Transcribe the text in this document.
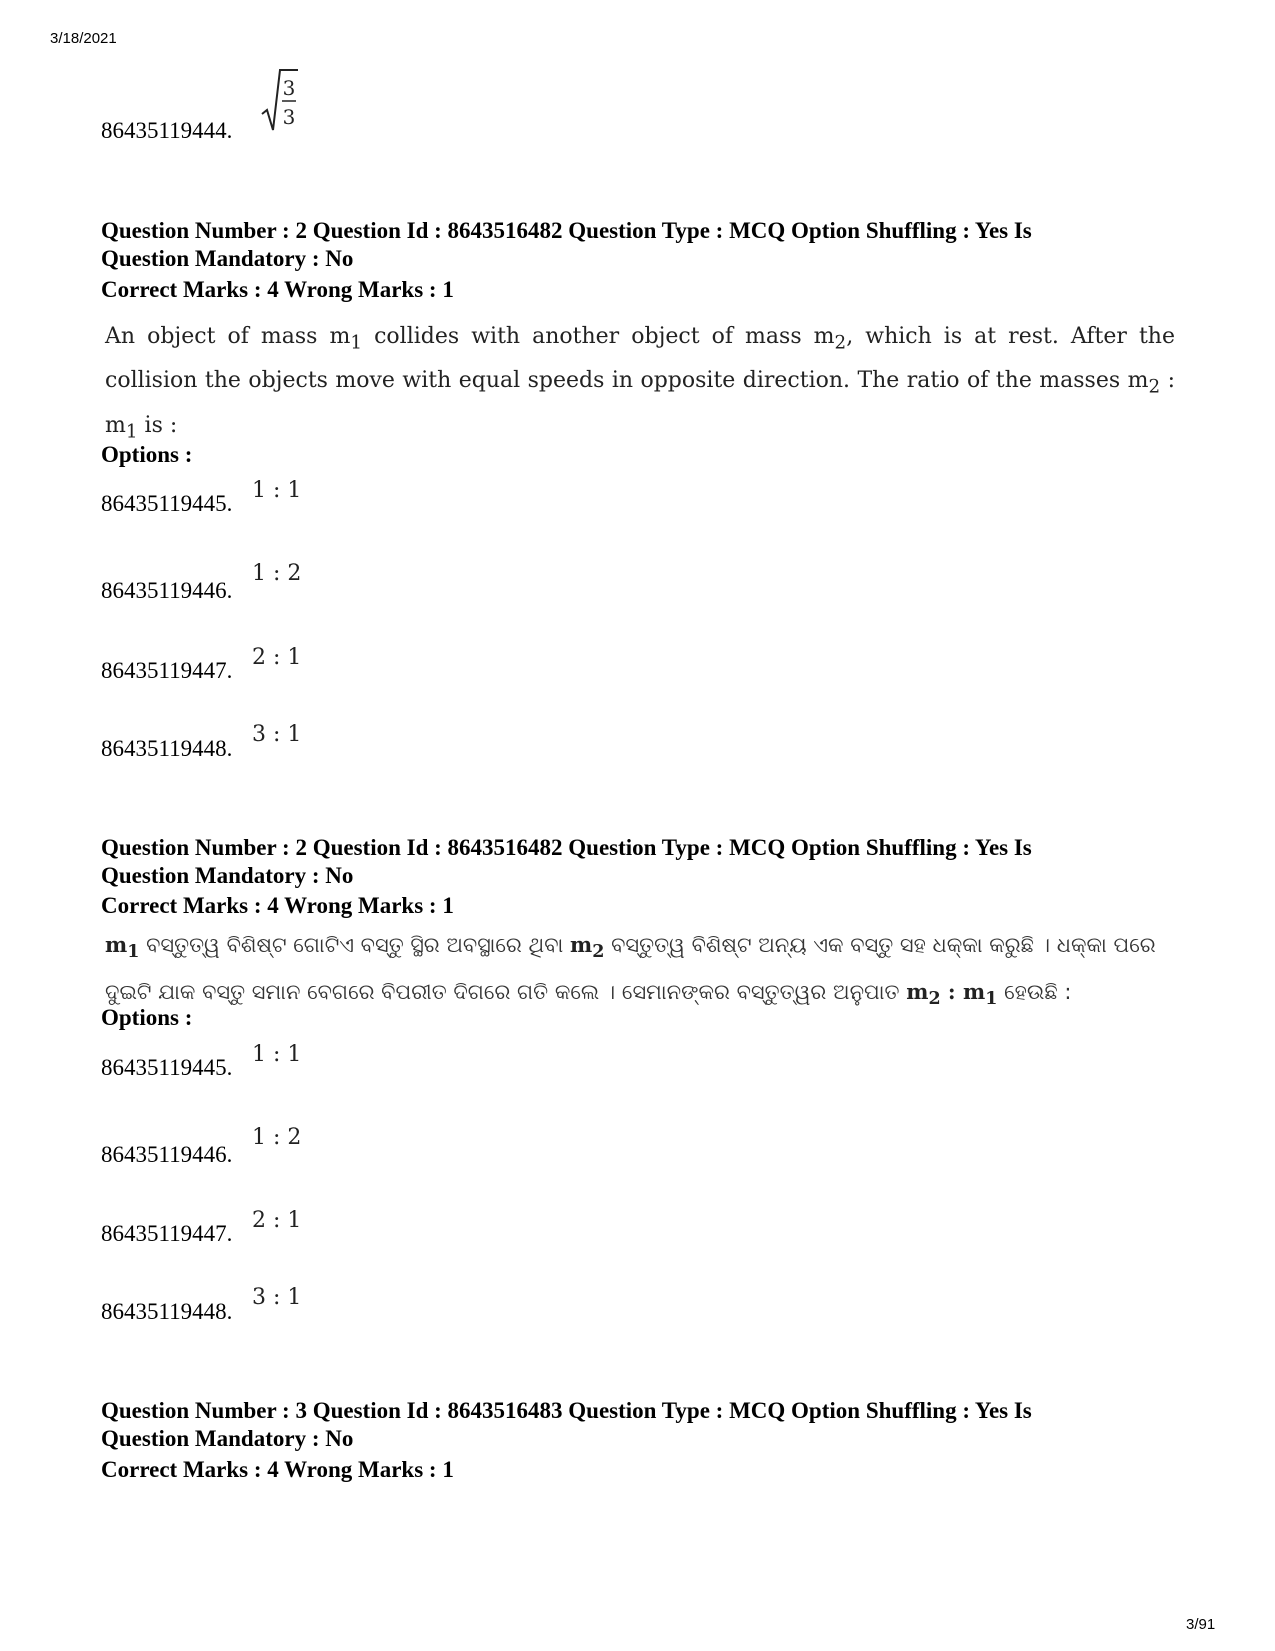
3/18/2021
86435119444.
3
3
Question Number : 2 Question Id : 8643516482 Question Type : MCQ Option Shuffling : Yes Is
Question Mandatory : No
Correct Marks : 4 Wrong Marks : 1
An object of mass $m_1$ collides with another object of mass $m_2$, which is at rest. After the collision the objects move with equal speeds in opposite direction. The ratio of the masses $m_2$ : $m_1$ is :
Options :
86435119445.
1 : 1
86435119446.
1 : 2
86435119447.
2 : 1
86435119448.
3 : 1
Question Number : 2 Question Id : 8643516482 Question Type : MCQ Option Shuffling : Yes Is
Question Mandatory : No
Correct Marks : 4 Wrong Marks : 1
$m_1$ ବସ୍ତୁତ୍ୱ ବିଶିଷ୍ଟ ଗୋଟିଏ ବସ୍ତୁ ସ୍ଥିର ଅବସ୍ଥାରେ ଥିବା $m_2$ ବସ୍ତୁତ୍ୱ ବିଶିଷ୍ଟ ଅନ୍ୟ ଏକ ବସ୍ତୁ ସହ ଧକ୍କା କରୁଛି । ଧକ୍କା ପରେ ଦୁଇଟି ଯାକ ବସ୍ତୁ ସମାନ ବେଗରେ ବିପରୀତ ଦିଗରେ ଗତି କଲେ । ସେମାନଙ୍କର ବସ୍ତୁତ୍ୱର ଅନୁପାତ $m_2$ : $m_1$ ହେଉଛି :
Options :
86435119445.
1 : 1
86435119446.
1 : 2
86435119447.
2 : 1
86435119448.
3 : 1
Question Number : 3 Question Id : 8643516483 Question Type : MCQ Option Shuffling : Yes Is
Question Mandatory : No
Correct Marks : 4 Wrong Marks : 1
3/91
